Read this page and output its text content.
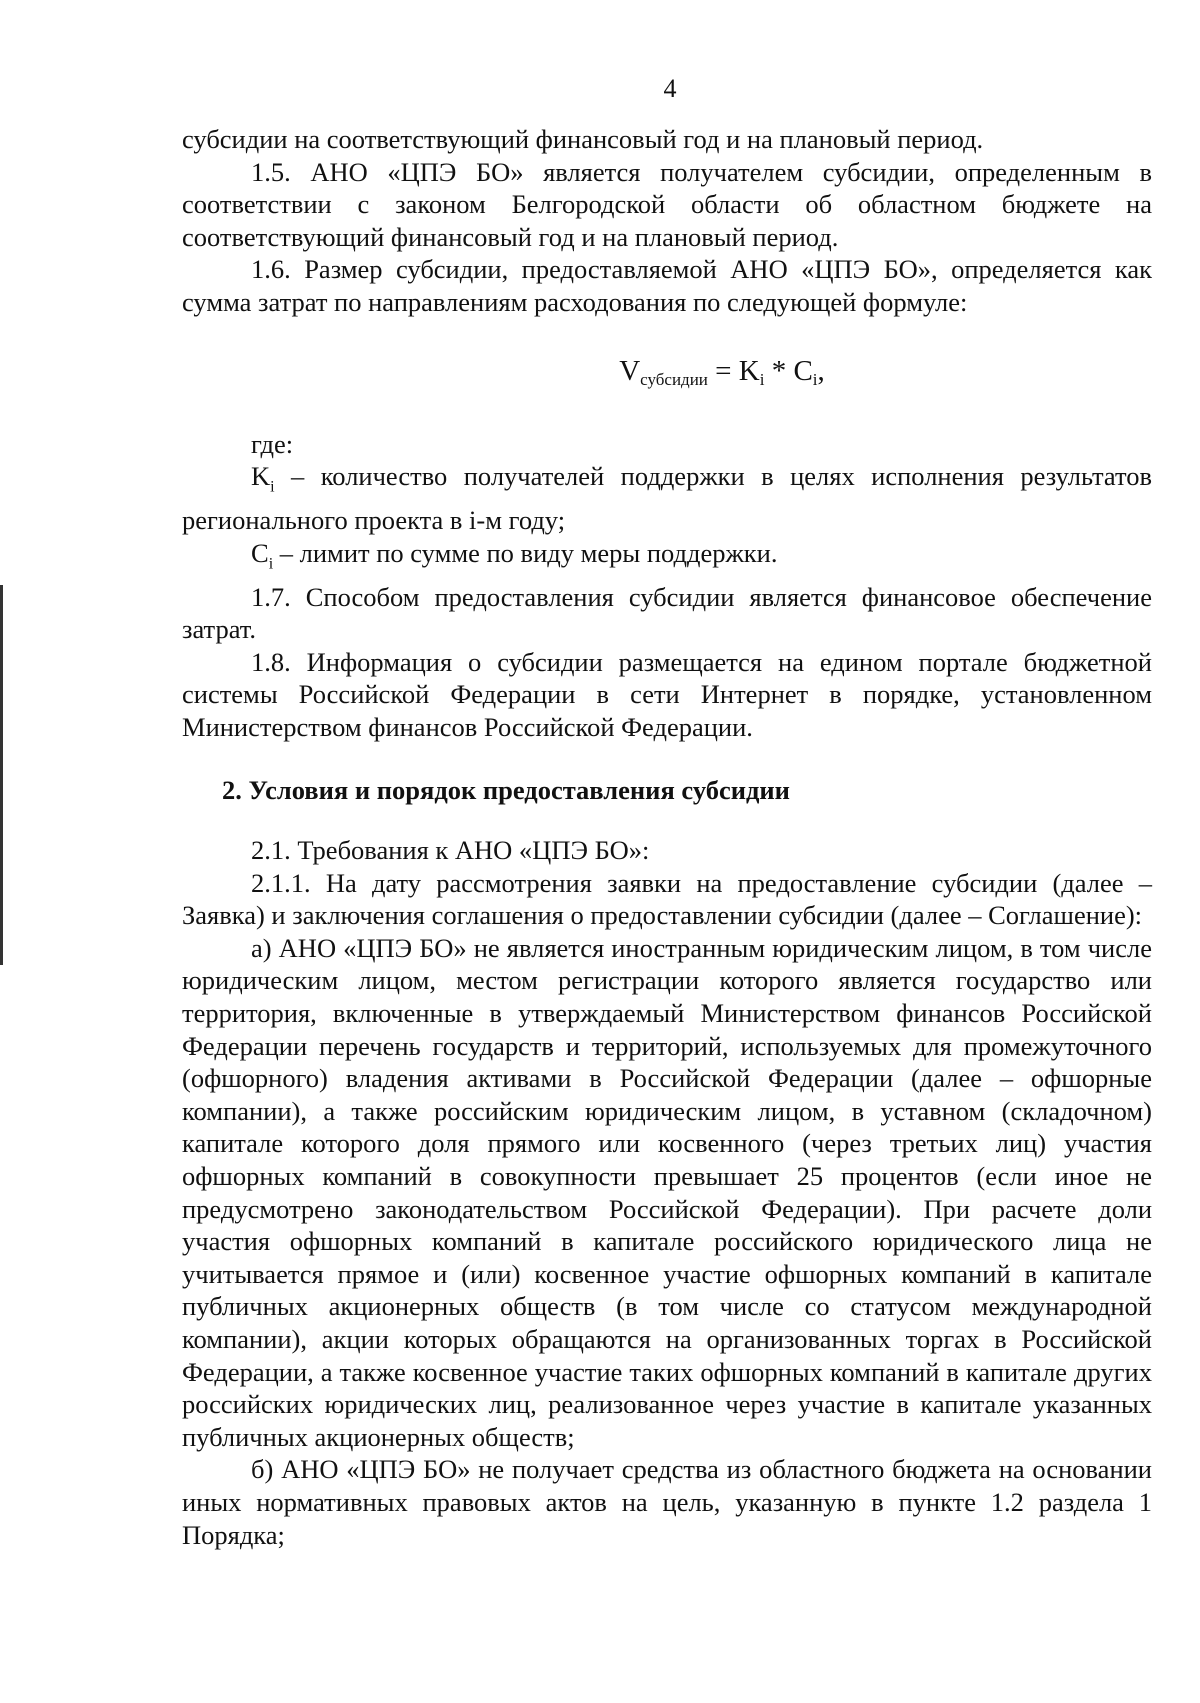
4

субсидии на соответствующий финансовый год и на плановый период.

1.5. АНО «ЦПЭ БО» является получателем субсидии, определенным в соответствии с законом Белгородской области об областном бюджете на соответствующий финансовый год и на плановый период.

1.6. Размер субсидии, предоставляемой АНО «ЦПЭ БО», определяется как сумма затрат по направлениям расходования по следующей формуле:

$V_{субсидии} = K_i * C_i$,

где:

$K_i$ – количество получателей поддержки в целях исполнения результатов регионального проекта в i-м году;

$C_i$ – лимит по сумме по виду меры поддержки.

1.7. Способом предоставления субсидии является финансовое обеспечение затрат.

1.8. Информация о субсидии размещается на едином портале бюджетной системы Российской Федерации в сети Интернет в порядке, установленном Министерством финансов Российской Федерации.

2. Условия и порядок предоставления субсидии

2.1. Требования к АНО «ЦПЭ БО»:

2.1.1. На дату рассмотрения заявки на предоставление субсидии (далее – Заявка) и заключения соглашения о предоставлении субсидии (далее – Соглашение):

а) АНО «ЦПЭ БО» не является иностранным юридическим лицом, в том числе юридическим лицом, местом регистрации которого является государство или территория, включенные в утверждаемый Министерством финансов Российской Федерации перечень государств и территорий, используемых для промежуточного (офшорного) владения активами в Российской Федерации (далее – офшорные компании), а также российским юридическим лицом, в уставном (складочном) капитале которого доля прямого или косвенного (через третьих лиц) участия офшорных компаний в совокупности превышает 25 процентов (если иное не предусмотрено законодательством Российской Федерации). При расчете доли участия офшорных компаний в капитале российского юридического лица не учитывается прямое и (или) косвенное участие офшорных компаний в капитале публичных акционерных обществ (в том числе со статусом международной компании), акции которых обращаются на организованных торгах в Российской Федерации, а также косвенное участие таких офшорных компаний в капитале других российских юридических лиц, реализованное через участие в капитале указанных публичных акционерных обществ;

б) АНО «ЦПЭ БО» не получает средства из областного бюджета на основании иных нормативных правовых актов на цель, указанную в пункте 1.2 раздела 1 Порядка;
